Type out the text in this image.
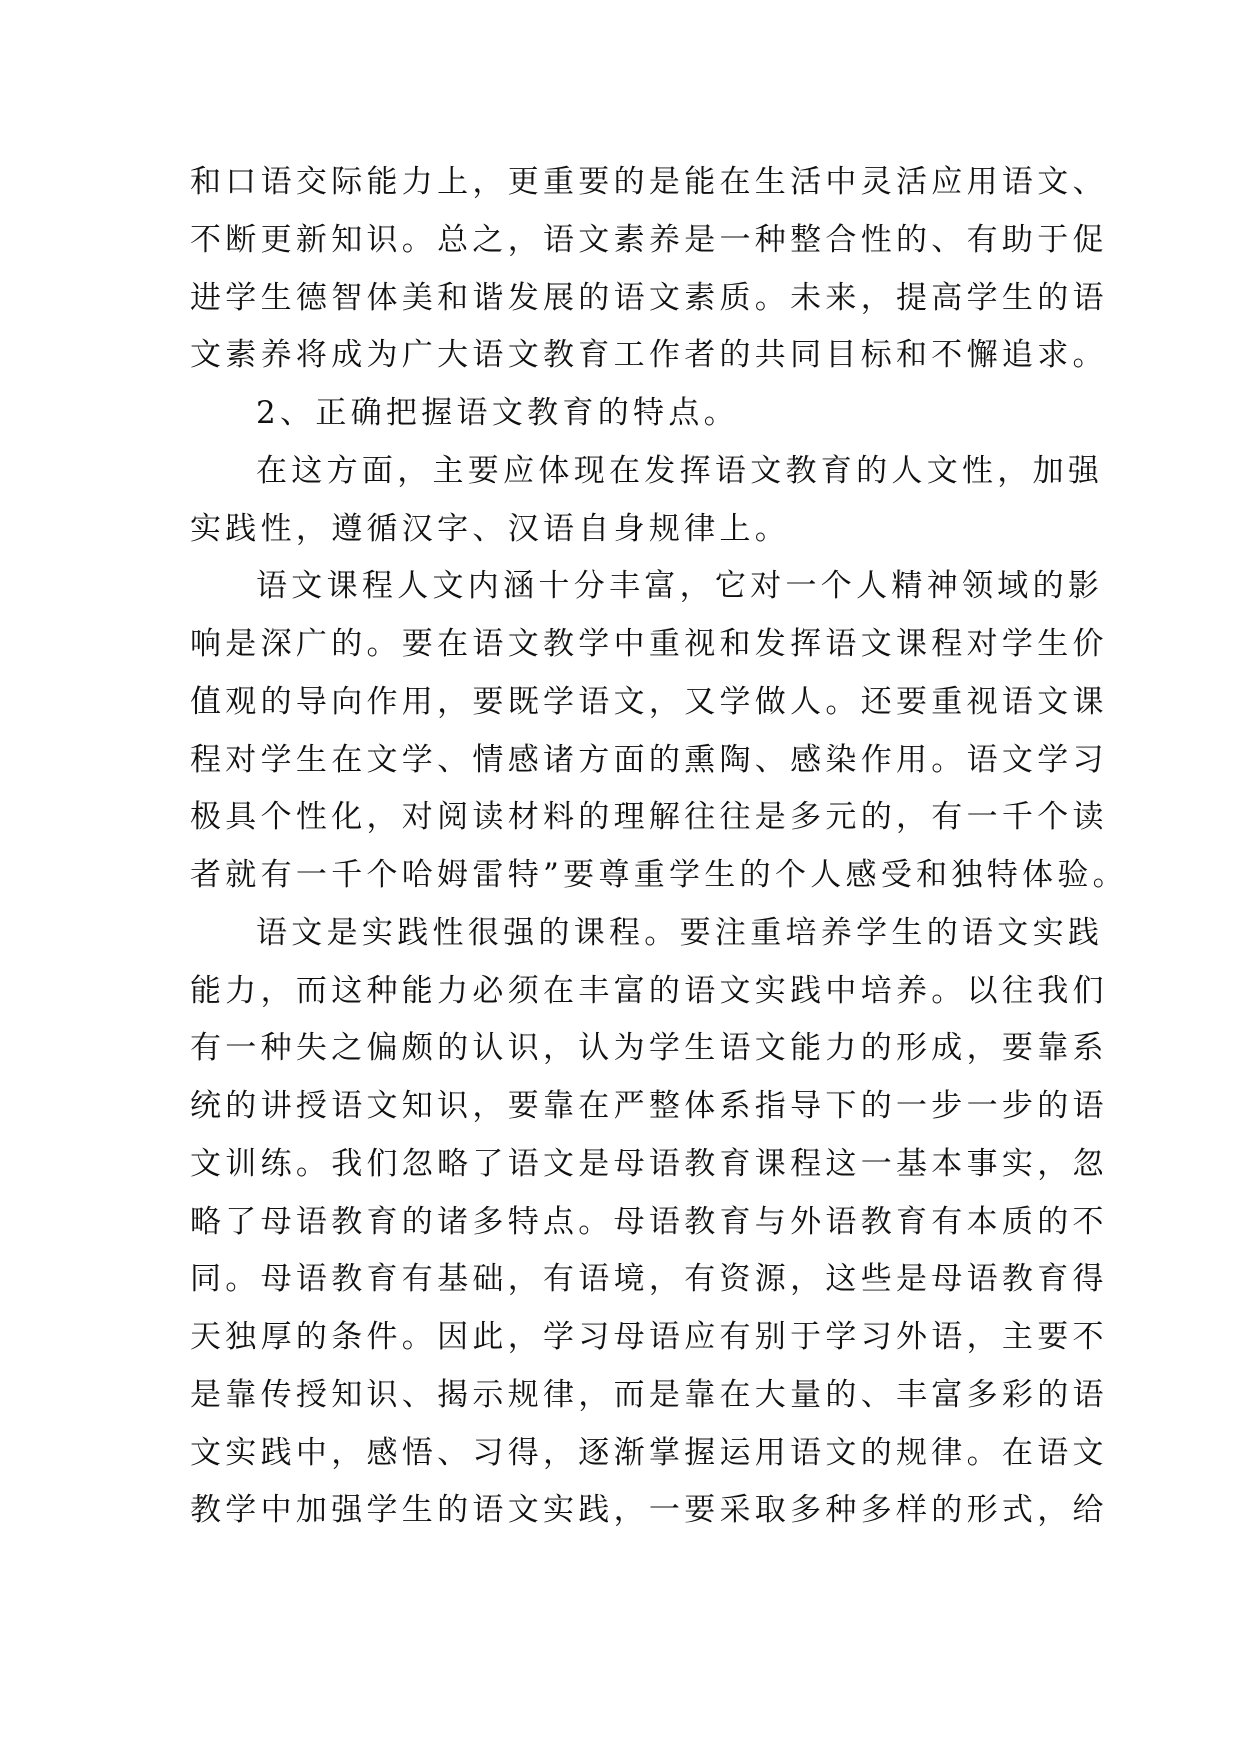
和口语交际能力上，更重要的是能在生活中灵活应用语文、
不断更新知识。总之，语文素养是一种整合性的、有助于促
进学生德智体美和谐发展的语文素质。未来，提高学生的语
文素养将成为广大语文教育工作者的共同目标和不懈追求。
2、正确把握语文教育的特点。
在这方面，主要应体现在发挥语文教育的人文性，加强
实践性，遵循汉字、汉语自身规律上。
语文课程人文内涵十分丰富，它对一个人精神领域的影
响是深广的。要在语文教学中重视和发挥语文课程对学生价
值观的导向作用，要既学语文，又学做人。还要重视语文课
程对学生在文学、情感诸方面的熏陶、感染作用。语文学习
极具个性化，对阅读材料的理解往往是多元的，有一千个读
者就有一千个哈姆雷特”要尊重学生的个人感受和独特体验。
语文是实践性很强的课程。要注重培养学生的语文实践
能力，而这种能力必须在丰富的语文实践中培养。以往我们
有一种失之偏颇的认识，认为学生语文能力的形成，要靠系
统的讲授语文知识，要靠在严整体系指导下的一步一步的语
文训练。我们忽略了语文是母语教育课程这一基本事实，忽
略了母语教育的诸多特点。母语教育与外语教育有本质的不
同。母语教育有基础，有语境，有资源，这些是母语教育得
天独厚的条件。因此，学习母语应有别于学习外语，主要不
是靠传授知识、揭示规律，而是靠在大量的、丰富多彩的语
文实践中，感悟、习得，逐渐掌握运用语文的规律。在语文
教学中加强学生的语文实践，一要采取多种多样的形式，给
